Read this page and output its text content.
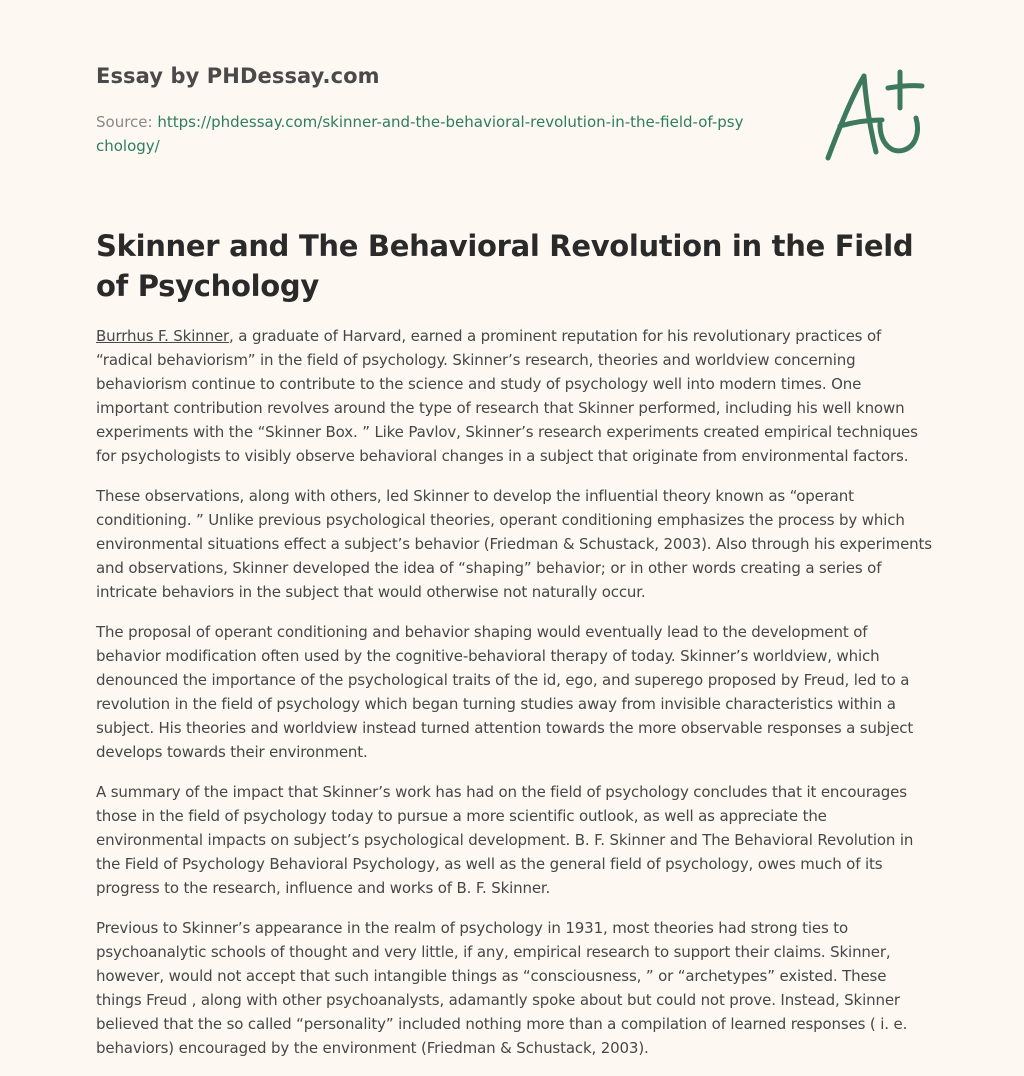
Essay by PHDessay.com

Source: https://phdessay.com/skinner-and-the-behavioral-revolution-in-the-field-of-psychology/

Skinner and The Behavioral Revolution in the Field of Psychology

Burrhus F. Skinner, a graduate of Harvard, earned a prominent reputation for his revolutionary practices of “radical behaviorism” in the field of psychology. Skinner’s research, theories and worldview concerning behaviorism continue to contribute to the science and study of psychology well into modern times. One important contribution revolves around the type of research that Skinner performed, including his well known experiments with the “Skinner Box. ” Like Pavlov, Skinner’s research experiments created empirical techniques for psychologists to visibly observe behavioral changes in a subject that originate from environmental factors.

These observations, along with others, led Skinner to develop the influential theory known as “operant conditioning. ” Unlike previous psychological theories, operant conditioning emphasizes the process by which environmental situations effect a subject’s behavior (Friedman & Schustack, 2003). Also through his experiments and observations, Skinner developed the idea of “shaping” behavior; or in other words creating a series of intricate behaviors in the subject that would otherwise not naturally occur.

The proposal of operant conditioning and behavior shaping would eventually lead to the development of behavior modification often used by the cognitive-behavioral therapy of today. Skinner’s worldview, which denounced the importance of the psychological traits of the id, ego, and superego proposed by Freud, led to a revolution in the field of psychology which began turning studies away from invisible characteristics within a subject. His theories and worldview instead turned attention towards the more observable responses a subject develops towards their environment.

A summary of the impact that Skinner’s work has had on the field of psychology concludes that it encourages those in the field of psychology today to pursue a more scientific outlook, as well as appreciate the environmental impacts on subject’s psychological development. B. F. Skinner and The Behavioral Revolution in the Field of Psychology Behavioral Psychology, as well as the general field of psychology, owes much of its progress to the research, influence and works of B. F. Skinner.

Previous to Skinner’s appearance in the realm of psychology in 1931, most theories had strong ties to psychoanalytic schools of thought and very little, if any, empirical research to support their claims. Skinner, however, would not accept that such intangible things as “consciousness, ” or “archetypes” existed. These things Freud , along with other psychoanalysts, adamantly spoke about but could not prove. Instead, Skinner believed that the so called “personality” included nothing more than a compilation of learned responses ( i. e. behaviors) encouraged by the environment (Friedman & Schustack, 2003).
